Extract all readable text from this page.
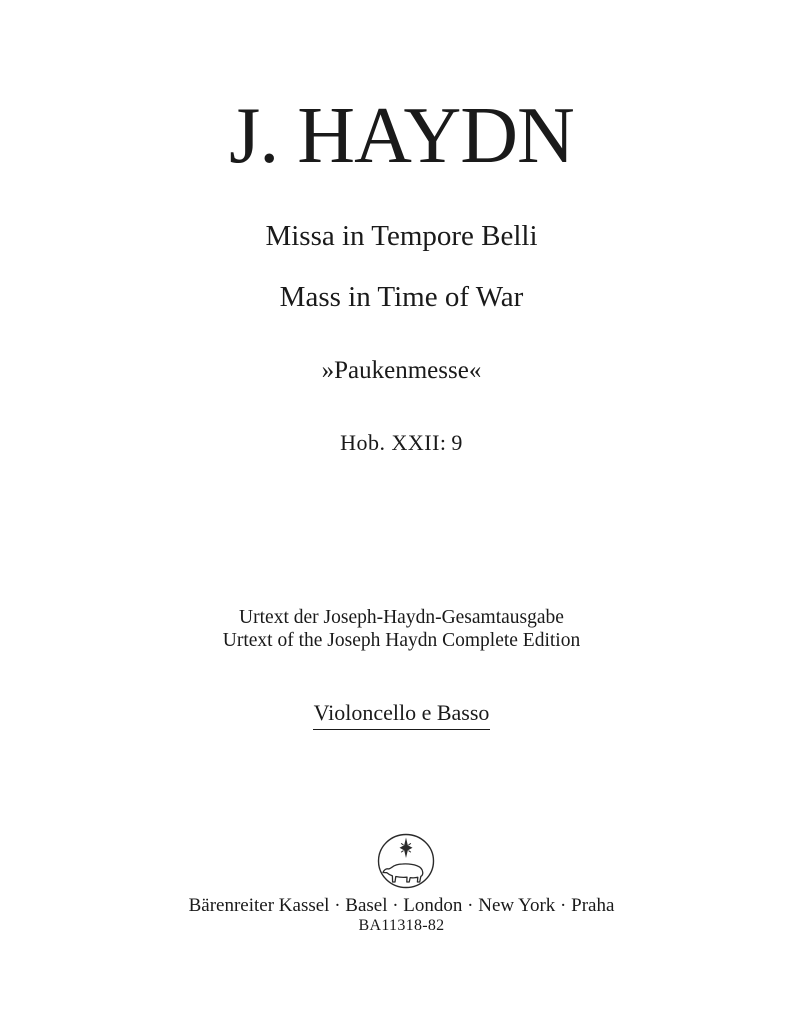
J. HAYDN
Missa in Tempore Belli
Mass in Time of War
»Paukenmesse«
Hob. XXII: 9
Urtext der Joseph-Haydn-Gesamtausgabe
Urtext of the Joseph Haydn Complete Edition
Violoncello e Basso
Bärenreiter Kassel · Basel · London · New York · Praha
BA11318-82
